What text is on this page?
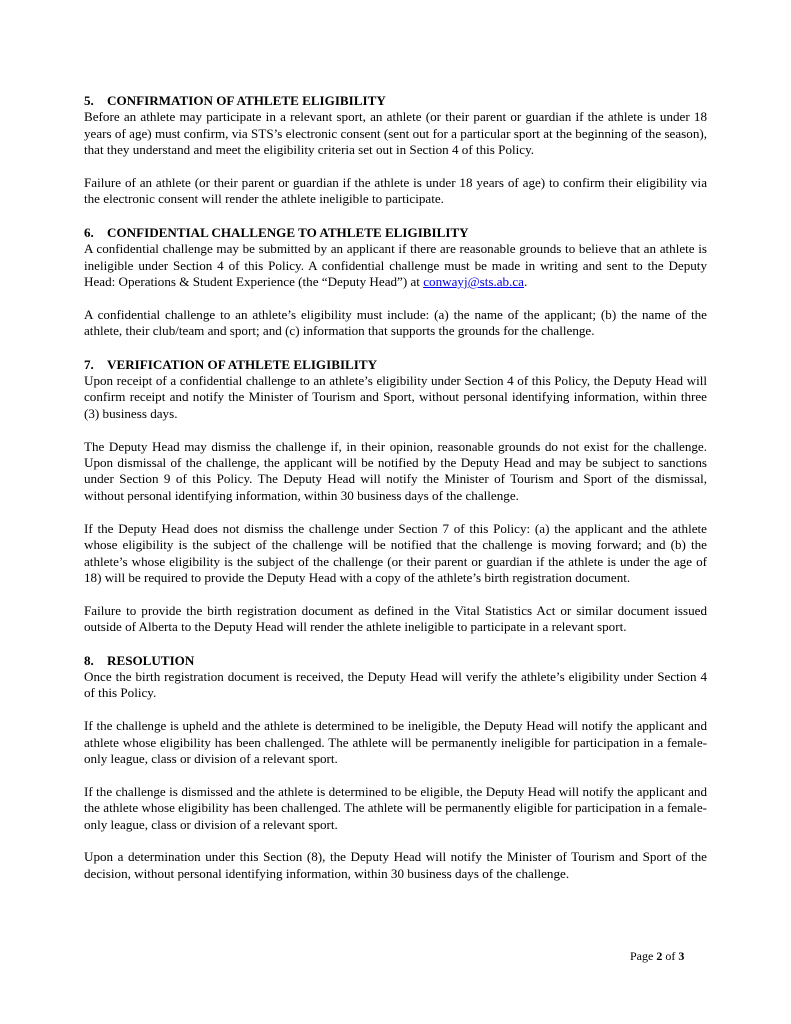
5. CONFIRMATION OF ATHLETE ELIGIBILITY

Before an athlete may participate in a relevant sport, an athlete (or their parent or guardian if the athlete is under 18 years of age) must confirm, via STS’s electronic consent (sent out for a particular sport at the beginning of the season), that they understand and meet the eligibility criteria set out in Section 4 of this Policy.

Failure of an athlete (or their parent or guardian if the athlete is under 18 years of age) to confirm their eligibility via the electronic consent will render the athlete ineligible to participate.

6. CONFIDENTIAL CHALLENGE TO ATHLETE ELIGIBILITY

A confidential challenge may be submitted by an applicant if there are reasonable grounds to believe that an athlete is ineligible under Section 4 of this Policy. A confidential challenge must be made in writing and sent to the Deputy Head: Operations & Student Experience (the “Deputy Head”) at conwayj@sts.ab.ca.

A confidential challenge to an athlete’s eligibility must include: (a) the name of the applicant; (b) the name of the athlete, their club/team and sport; and (c) information that supports the grounds for the challenge.

7. VERIFICATION OF ATHLETE ELIGIBILITY

Upon receipt of a confidential challenge to an athlete’s eligibility under Section 4 of this Policy, the Deputy Head will confirm receipt and notify the Minister of Tourism and Sport, without personal identifying information, within three (3) business days.

The Deputy Head may dismiss the challenge if, in their opinion, reasonable grounds do not exist for the challenge. Upon dismissal of the challenge, the applicant will be notified by the Deputy Head and may be subject to sanctions under Section 9 of this Policy. The Deputy Head will notify the Minister of Tourism and Sport of the dismissal, without personal identifying information, within 30 business days of the challenge.

If the Deputy Head does not dismiss the challenge under Section 7 of this Policy: (a) the applicant and the athlete whose eligibility is the subject of the challenge will be notified that the challenge is moving forward; and (b) the athlete’s whose eligibility is the subject of the challenge (or their parent or guardian if the athlete is under the age of 18) will be required to provide the Deputy Head with a copy of the athlete’s birth registration document.

Failure to provide the birth registration document as defined in the Vital Statistics Act or similar document issued outside of Alberta to the Deputy Head will render the athlete ineligible to participate in a relevant sport.

8. RESOLUTION

Once the birth registration document is received, the Deputy Head will verify the athlete’s eligibility under Section 4 of this Policy.

If the challenge is upheld and the athlete is determined to be ineligible, the Deputy Head will notify the applicant and athlete whose eligibility has been challenged. The athlete will be permanently ineligible for participation in a female-only league, class or division of a relevant sport.

If the challenge is dismissed and the athlete is determined to be eligible, the Deputy Head will notify the applicant and the athlete whose eligibility has been challenged. The athlete will be permanently eligible for participation in a female-only league, class or division of a relevant sport.

Upon a determination under this Section (8), the Deputy Head will notify the Minister of Tourism and Sport of the decision, without personal identifying information, within 30 business days of the challenge.

Page 2 of 3
